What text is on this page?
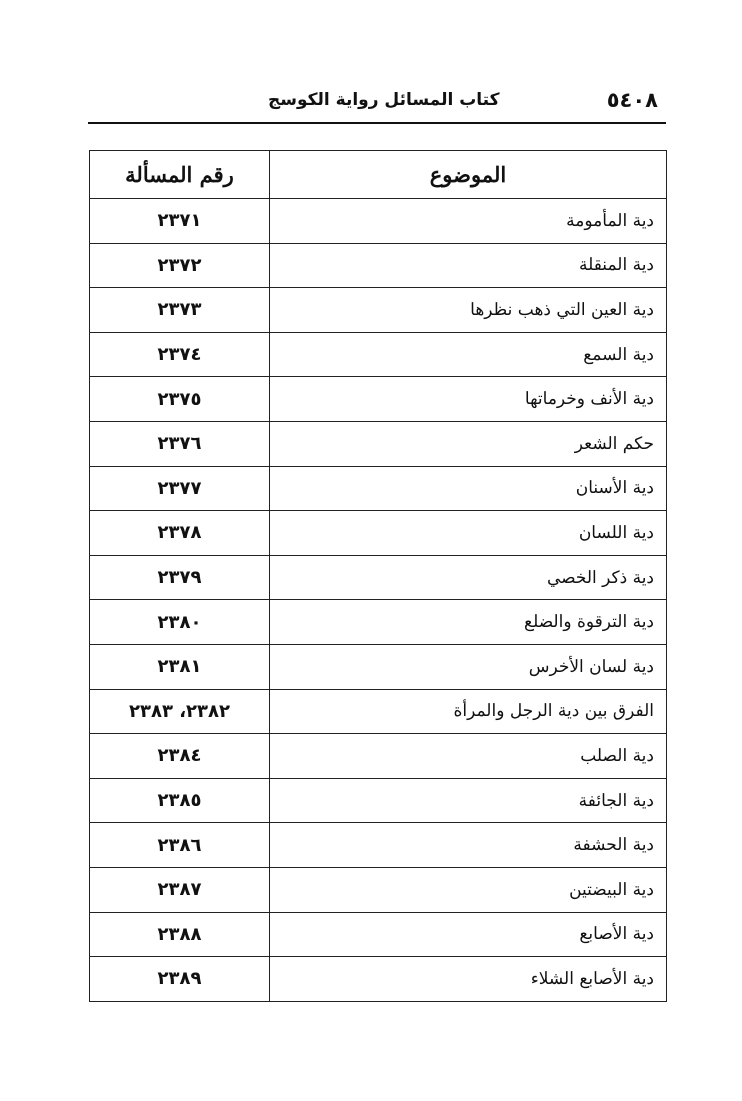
٥٤٠٨
كتاب المسائل رواية الكوسج
الموضوع	رقم المسألة
دية المأمومة	٢٣٧١
دية المنقلة	٢٣٧٢
دية العين التي ذهب نظرها	٢٣٧٣
دية السمع	٢٣٧٤
دية الأنف وخرماتها	٢٣٧٥
حكم الشعر	٢٣٧٦
دية الأسنان	٢٣٧٧
دية اللسان	٢٣٧٨
دية ذكر الخصي	٢٣٧٩
دية الترقوة والضلع	٢٣٨٠
دية لسان الأخرس	٢٣٨١
الفرق بين دية الرجل والمرأة	٢٣٨٢، ٢٣٨٣
دية الصلب	٢٣٨٤
دية الجائفة	٢٣٨٥
دية الحشفة	٢٣٨٦
دية البيضتين	٢٣٨٧
دية الأصابع	٢٣٨٨
دية الأصابع الشلاء	٢٣٨٩
